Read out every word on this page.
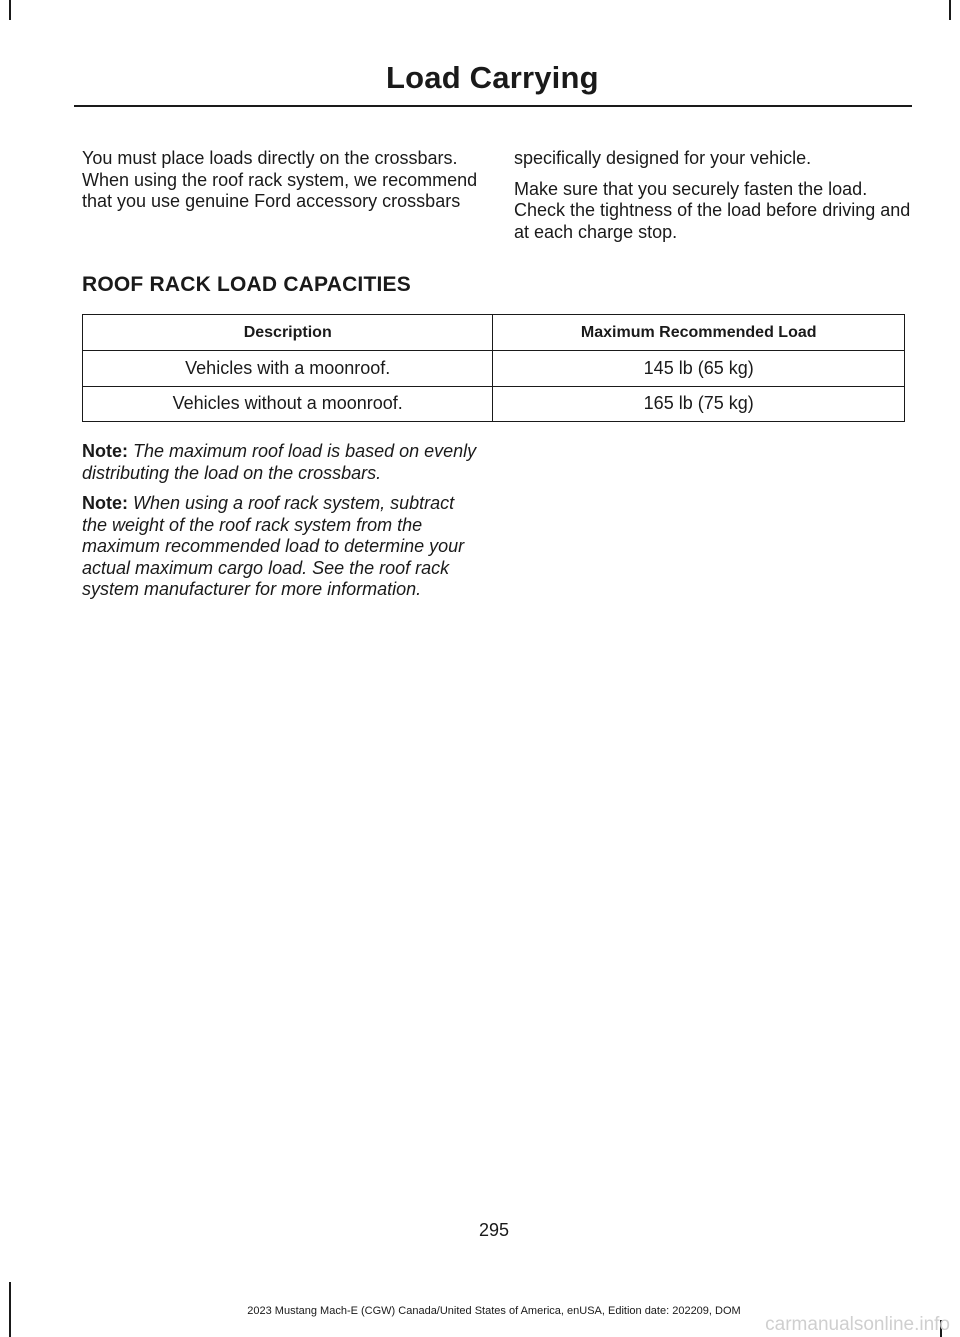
Load Carrying

You must place loads directly on the crossbars. When using the roof rack system, we recommend that you use genuine Ford accessory crossbars

specifically designed for your vehicle.

Make sure that you securely fasten the load. Check the tightness of the load before driving and at each charge stop.

ROOF RACK LOAD CAPACITIES
Description	Maximum Recommended Load
Vehicles with a moonroof.	145 lb (65 kg)
Vehicles without a moonroof.	165 lb (75 kg)

Note: The maximum roof load is based on evenly distributing the load on the crossbars.

Note: When using a roof rack system, subtract the weight of the roof rack system from the maximum recommended load to determine your actual maximum cargo load. See the roof rack system manufacturer for more information.

295
2023 Mustang Mach-E (CGW) Canada/United States of America, enUSA, Edition date: 202209, DOM
carmanualsonline.info
